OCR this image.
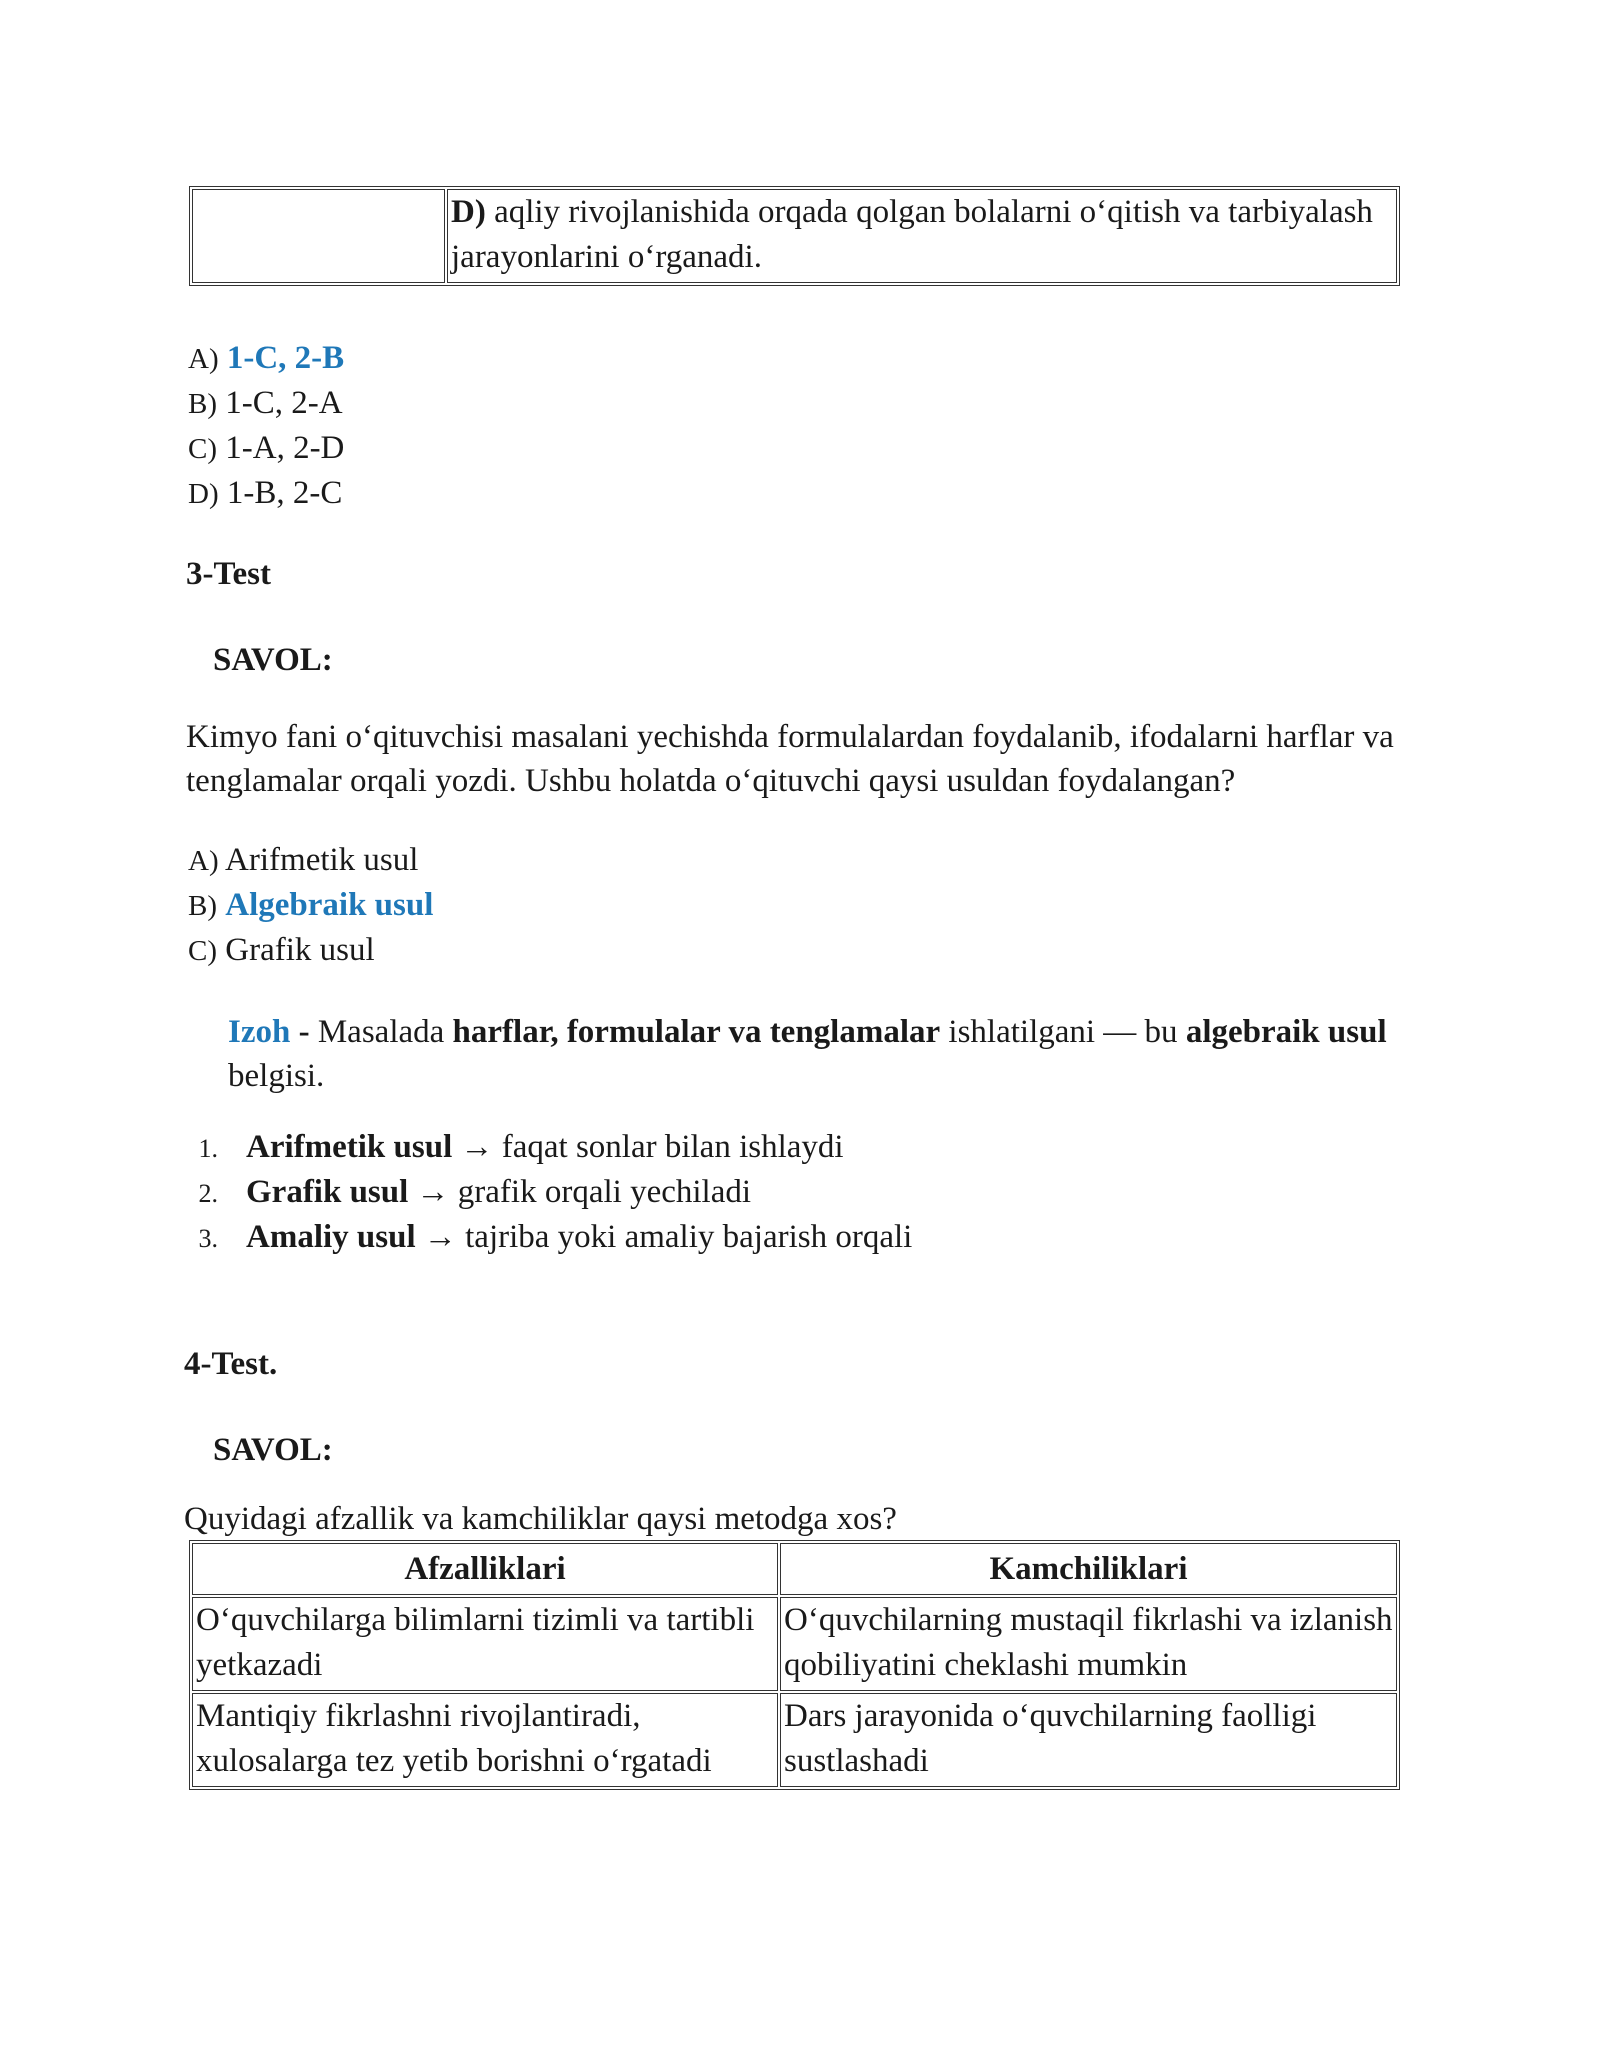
	D) aqliy rivojlanishida orqada qolgan bolalarni o‘qitish va tarbiyalash jarayonlarini o‘rganadi.
A) 1-C, 2-B
B) 1-C, 2-A
C) 1-A, 2-D
D) 1-B, 2-C
3-Test
SAVOL:
Kimyo fani o‘qituvchisi masalani yechishda formulalardan foydalanib, ifodalarni harflar va tenglamalar orqali yozdi. Ushbu holatda o‘qituvchi qaysi usuldan foydalangan?
A) Arifmetik usul
B) Algebraik usul
C) Grafik usul
Izoh - Masalada harflar, formulalar va tenglamalar ishlatilgani — bu algebraik usul belgisi.
1. Arifmetik usul → faqat sonlar bilan ishlaydi
2. Grafik usul → grafik orqali yechiladi
3. Amaliy usul → tajriba yoki amaliy bajarish orqali
4-Test.
SAVOL:
Quyidagi afzallik va kamchiliklar qaysi metodga xos?
Afzalliklari	Kamchiliklari
O‘quvchilarga bilimlarni tizimli va tartibli yetkazadi	O‘quvchilarning mustaqil fikrlashi va izlanish qobiliyatini cheklashi mumkin
Mantiqiy fikrlashni rivojlantiradi, xulosalarga tez yetib borishni o‘rgatadi	Dars jarayonida o‘quvchilarning faolligi sustlashadi
